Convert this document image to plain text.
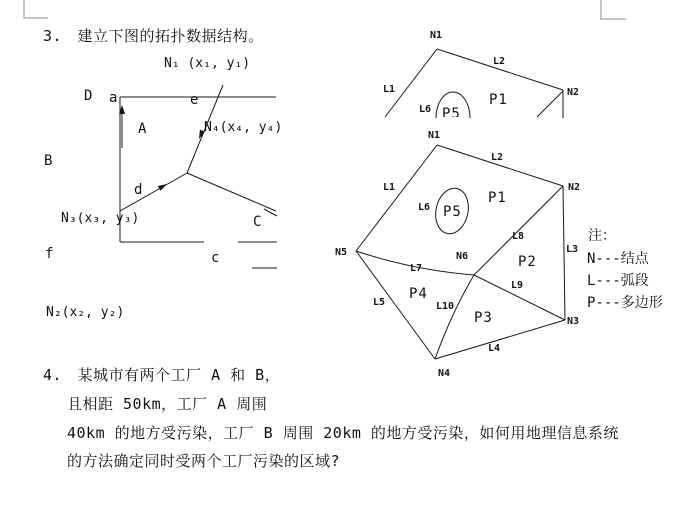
3.　建立下图的拓扑数据结构。
N₁ (x₁, y₁)
D a	e
A	N₄(x₄, y₄)
B
d
N₃(x₃, y₃)	C
f	c
N₂(x₂, y₂)
N1
L2
L1	N2
L6
P1
P5
N1
L2
N2
L1
L6 P5
P1
L8
L3
N5	N6
L7	P2
L9
P4
L5	L10
P3	N3
L4
N4
注：
N---结点
L---弧段
P---多边形
4.　某城市有两个工厂 A 和 B，
且相距 50km，工厂 A 周围
40km 的地方受污染，工厂 B 周围 20km 的地方受污染，如何用地理信息系统
的方法确定同时受两个工厂污染的区域?
